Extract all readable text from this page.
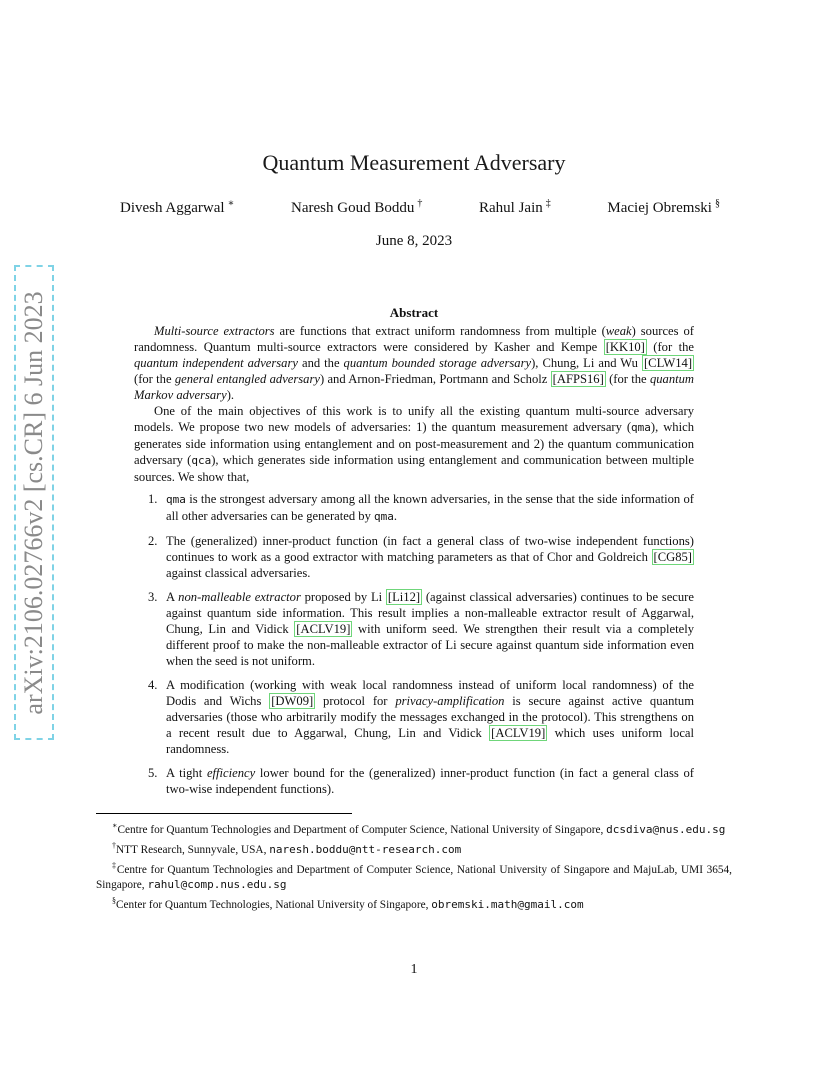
arXiv:2106.02766v2 [cs.CR] 6 Jun 2023
Quantum Measurement Adversary
Divesh Aggarwal ∗	Naresh Goud Boddu †	Rahul Jain ‡	Maciej Obremski §
June 8, 2023
Abstract

Multi-source extractors are functions that extract uniform randomness from multiple (weak) sources of randomness. Quantum multi-source extractors were considered by Kasher and Kempe [KK10] (for the quantum independent adversary and the quantum bounded storage adversary), Chung, Li and Wu [CLW14] (for the general entangled adversary) and Arnon-Friedman, Portmann and Scholz [AFPS16] (for the quantum Markov adversary).

One of the main objectives of this work is to unify all the existing quantum multi-source adversary models. We propose two new models of adversaries: 1) the quantum measurement adversary (qma), which generates side information using entanglement and on post-measurement and 2) the quantum communication adversary (qca), which generates side information using entanglement and communication between multiple sources. We show that,

1. qma is the strongest adversary among all the known adversaries, in the sense that the side information of all other adversaries can be generated by qma.
2. The (generalized) inner-product function (in fact a general class of two-wise independent functions) continues to work as a good extractor with matching parameters as that of Chor and Goldreich [CG85] against classical adversaries.
3. A non-malleable extractor proposed by Li [Li12] (against classical adversaries) continues to be secure against quantum side information. This result implies a non-malleable extractor result of Aggarwal, Chung, Lin and Vidick [ACLV19] with uniform seed. We strengthen their result via a completely different proof to make the non-malleable extractor of Li secure against quantum side information even when the seed is not uniform.
4. A modification (working with weak local randomness instead of uniform local randomness) of the Dodis and Wichs [DW09] protocol for privacy-amplification is secure against active quantum adversaries (those who arbitrarily modify the messages exchanged in the protocol). This strengthens on a recent result due to Aggarwal, Chung, Lin and Vidick [ACLV19] which uses uniform local randomness.
5. A tight efficiency lower bound for the (generalized) inner-product function (in fact a general class of two-wise independent functions).

∗Centre for Quantum Technologies and Department of Computer Science, National University of Singapore, dcsdiva@nus.edu.sg

†NTT Research, Sunnyvale, USA, naresh.boddu@ntt-research.com

‡Centre for Quantum Technologies and Department of Computer Science, National University of Singapore and MajuLab, UMI 3654, Singapore, rahul@comp.nus.edu.sg

§Center for Quantum Technologies, National University of Singapore, obremski.math@gmail.com

1
